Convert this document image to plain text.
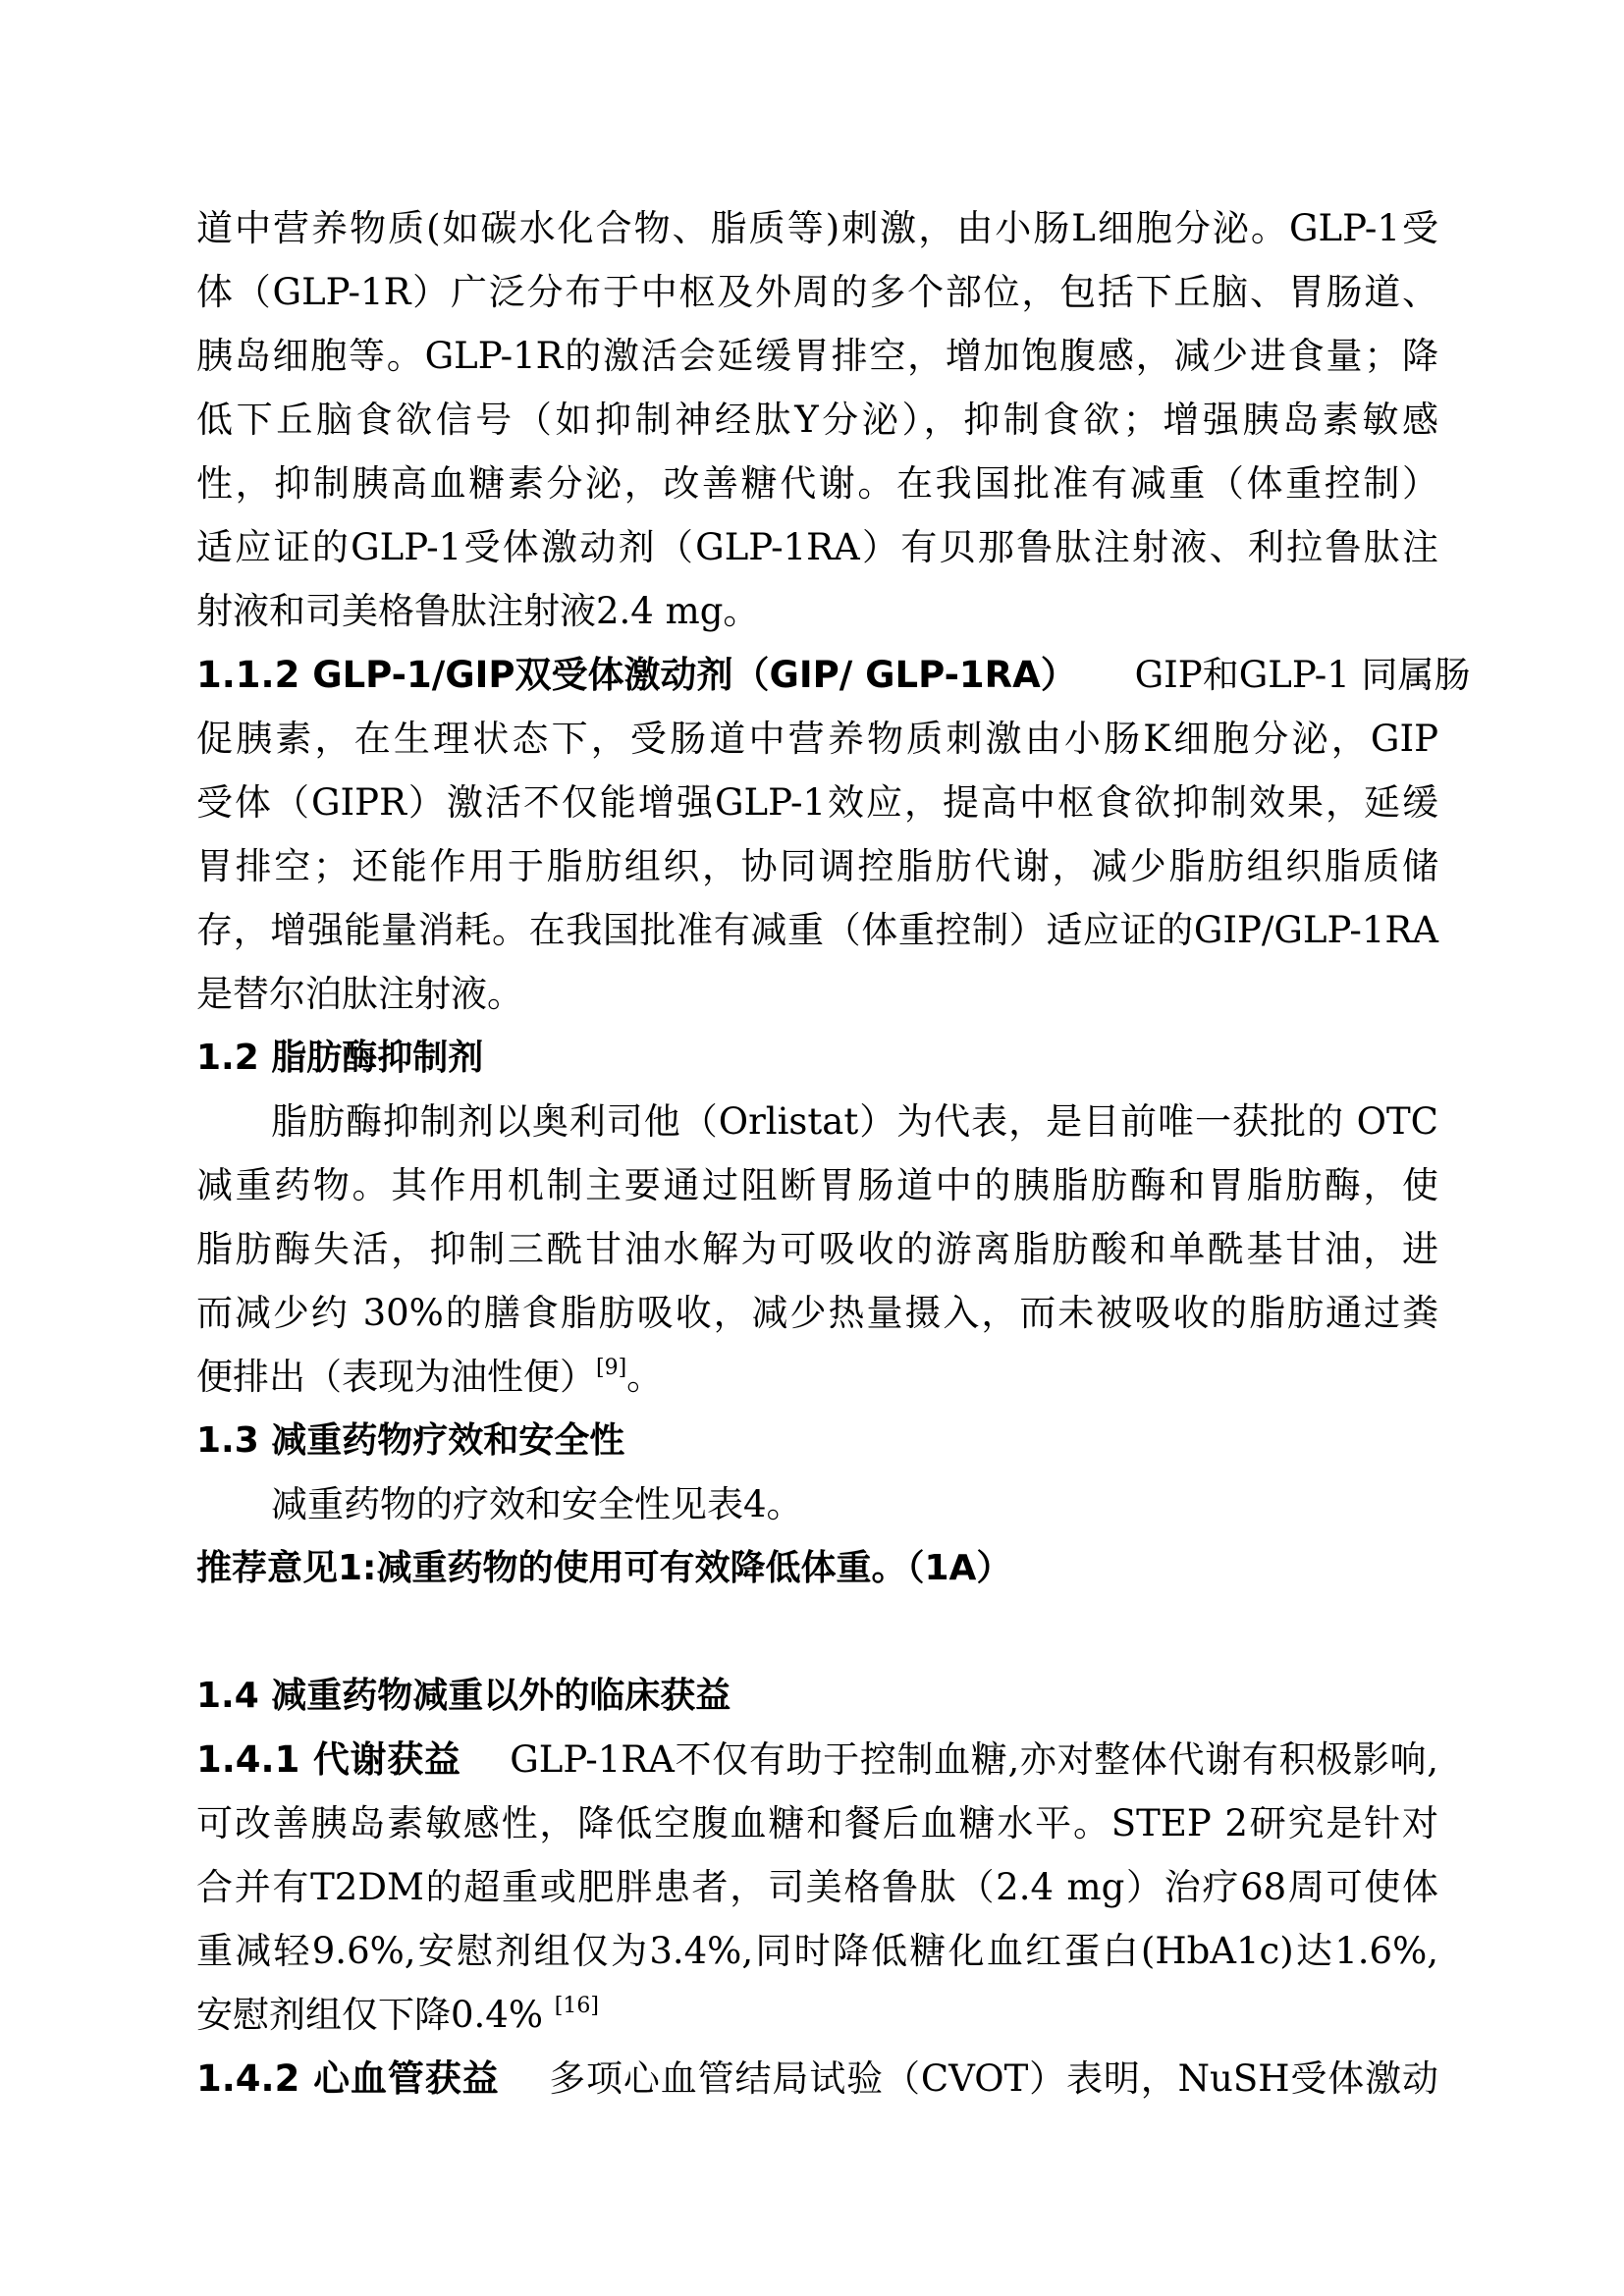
道中营养物质(如碳水化合物、脂质等)刺激，由小肠L细胞分泌。GLP-1受
体（GLP-1R）广泛分布于中枢及外周的多个部位，包括下丘脑、胃肠道、
胰岛细胞等。GLP-1R的激活会延缓胃排空，增加饱腹感，减少进食量；降
低下丘脑食欲信号（如抑制神经肽Y分泌），抑制食欲；增强胰岛素敏感
性，抑制胰高血糖素分泌，改善糖代谢。在我国批准有减重（体重控制）
适应证的GLP-1受体激动剂（GLP-1RA）有贝那鲁肽注射液、利拉鲁肽注
射液和司美格鲁肽注射液2.4 mg。
1.1.2 GLP-1/GIP双受体激动剂（GIP/ GLP-1RA） GIP和GLP-1 同属肠
促胰素，在生理状态下，受肠道中营养物质刺激由小肠K细胞分泌，GIP
受体（GIPR）激活不仅能增强GLP-1效应，提高中枢食欲抑制效果，延缓
胃排空；还能作用于脂肪组织，协同调控脂肪代谢，减少脂肪组织脂质储
存，增强能量消耗。在我国批准有减重（体重控制）适应证的GIP/GLP-1RA
是替尔泊肽注射液。
1.2 脂肪酶抑制剂
脂肪酶抑制剂以奥利司他（Orlistat）为代表，是目前唯一获批的 OTC
减重药物。其作用机制主要通过阻断胃肠道中的胰脂肪酶和胃脂肪酶，使
脂肪酶失活，抑制三酰甘油水解为可吸收的游离脂肪酸和单酰基甘油，进
而减少约 30%的膳食脂肪吸收，减少热量摄入，而未被吸收的脂肪通过粪
便排出（表现为油性便）[9]。
1.3 减重药物疗效和安全性
减重药物的疗效和安全性见表4。
推荐意见1:减重药物的使用可有效降低体重。（1A）
1.4 减重药物减重以外的临床获益
1.4.1 代谢获益 GLP-1RA不仅有助于控制血糖,亦对整体代谢有积极影响,
可改善胰岛素敏感性，降低空腹血糖和餐后血糖水平。STEP 2研究是针对
合并有T2DM的超重或肥胖患者，司美格鲁肽（2.4 mg）治疗68周可使体
重减轻9.6%,安慰剂组仅为3.4%,同时降低糖化血红蛋白(HbA1c)达1.6%,
安慰剂组仅下降0.4% [16]
1.4.2 心血管获益 多项心血管结局试验（CVOT）表明，NuSH受体激动
